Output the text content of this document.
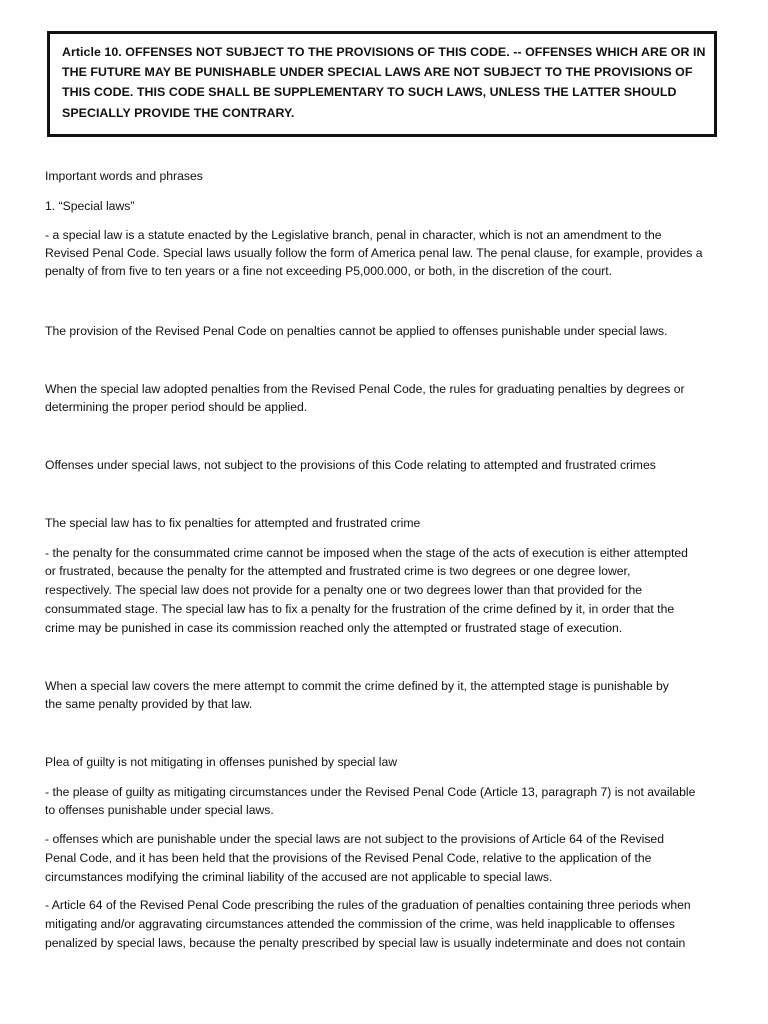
Article 10. OFFENSES NOT SUBJECT TO THE PROVISIONS OF THIS CODE. -- OFFENSES WHICH ARE OR IN

THE FUTURE MAY BE PUNISHABLE UNDER SPECIAL LAWS ARE NOT SUBJECT TO THE PROVISIONS OF

THIS CODE. THIS CODE SHALL BE SUPPLEMENTARY TO SUCH LAWS, UNLESS THE LATTER SHOULD

SPECIALLY PROVIDE THE CONTRARY.

Important words and phrases

1. “Special laws”

- a special law is a statute enacted by the Legislative branch, penal in character, which is not an amendment to the

Revised Penal Code. Special laws usually follow the form of America penal law. The penal clause, for example, provides a

penalty of from five to ten years or a fine not exceeding P5,000.000, or both, in the discretion of the court.

The provision of the Revised Penal Code on penalties cannot be applied to offenses punishable under special laws.

When the special law adopted penalties from the Revised Penal Code, the rules for graduating penalties by degrees or

determining the proper period should be applied.

Offenses under special laws, not subject to the provisions of this Code relating to attempted and frustrated crimes

The special law has to fix penalties for attempted and frustrated crime

- the penalty for the consummated crime cannot be imposed when the stage of the acts of execution is either attempted

or frustrated, because the penalty for the attempted and frustrated crime is two degrees or one degree lower,

respectively. The special law does not provide for a penalty one or two degrees lower than that provided for the

consummated stage. The special law has to fix a penalty for the frustration of the crime defined by it, in order that the

crime may be punished in case its commission reached only the attempted or frustrated stage of execution.

When a special law covers the mere attempt to commit the crime defined by it, the attempted stage is punishable by

the same penalty provided by that law.

Plea of guilty is not mitigating in offenses punished by special law

- the please of guilty as mitigating circumstances under the Revised Penal Code (Article 13, paragraph 7) is not available

to offenses punishable under special laws.

- offenses which are punishable under the special laws are not subject to the provisions of Article 64 of the Revised

Penal Code, and it has been held that the provisions of the Revised Penal Code, relative to the application of the

circumstances modifying the criminal liability of the accused are not applicable to special laws.

- Article 64 of the Revised Penal Code prescribing the rules of the graduation of penalties containing three periods when

mitigating and/or aggravating circumstances attended the commission of the crime, was held inapplicable to offenses

penalized by special laws, because the penalty prescribed by special law is usually indeterminate and does not contain
